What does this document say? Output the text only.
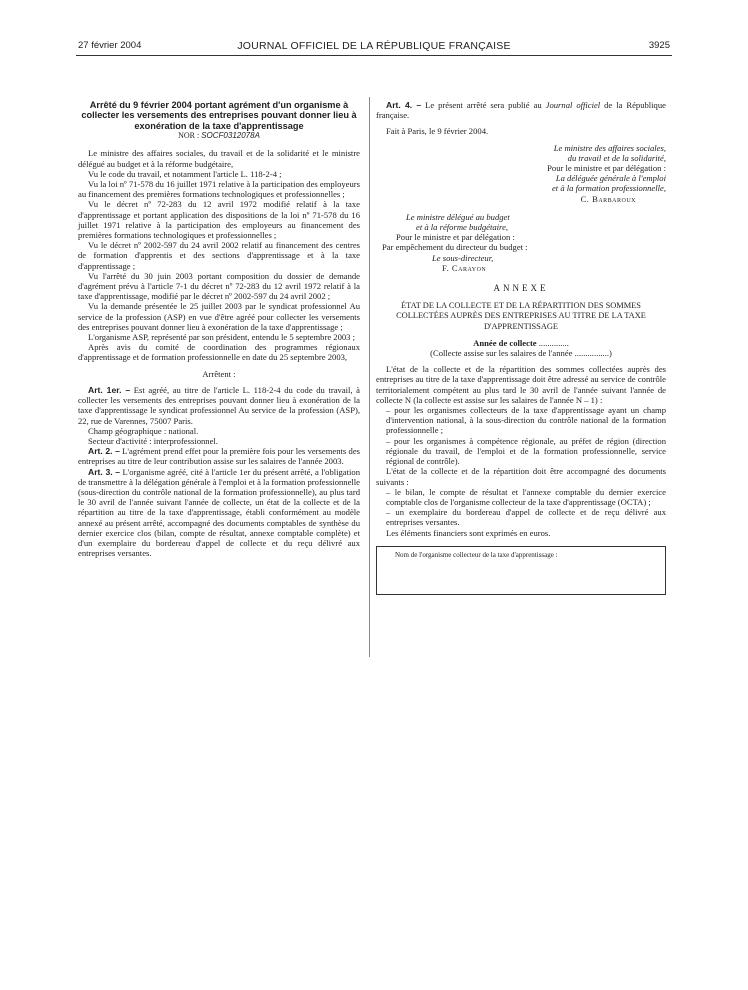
27 février 2004	JOURNAL OFFICIEL DE LA RÉPUBLIQUE FRANÇAISE	3925

Arrêté du 9 février 2004 portant agrément d'un organisme à collecter les versements des entreprises pouvant donner lieu à exonération de la taxe d'apprentissage

NOR : SOCF0312078A

Le ministre des affaires sociales, du travail et de la solidarité et le ministre délégué au budget et à la réforme budgétaire,

Vu le code du travail, et notamment l'article L. 118-2-4 ;

Vu la loi nº 71-578 du 16 juillet 1971 relative à la participation des employeurs au financement des premières formations technologiques et professionnelles ;

Vu le décret nº 72-283 du 12 avril 1972 modifié relatif à la taxe d'apprentissage et portant application des dispositions de la loi nº 71-578 du 16 juillet 1971 relative à la participation des employeurs au financement des premières formations technologiques et professionnelles ;

Vu le décret nº 2002-597 du 24 avril 2002 relatif au financement des centres de formation d'apprentis et des sections d'apprentissage et à la taxe d'apprentissage ;

Vu l'arrêté du 30 juin 2003 portant composition du dossier de demande d'agrément prévu à l'article 7-1 du décret nº 72-283 du 12 avril 1972 relatif à la taxe d'apprentissage, modifié par le décret nº 2002-597 du 24 avril 2002 ;

Vu la demande présentée le 25 juillet 2003 par le syndicat professionnel Au service de la profession (ASP) en vue d'être agréé pour collecter les versements des entreprises pouvant donner lieu à exonération de la taxe d'apprentissage ;

L'organisme ASP, représenté par son président, entendu le 5 septembre 2003 ;

Après avis du comité de coordination des programmes régionaux d'apprentissage et de formation professionnelle en date du 25 septembre 2003,

Arrêtent :

Art. 1er. – Est agréé, au titre de l'article L. 118-2-4 du code du travail, à collecter les versements des entreprises pouvant donner lieu à exonération de la taxe d'apprentissage le syndicat professionnel Au service de la profession (ASP), 22, rue de Varennes, 75007 Paris.

Champ géographique : national.

Secteur d'activité : interprofessionnel.

Art. 2. – L'agrément prend effet pour la première fois pour les versements des entreprises au titre de leur contribution assise sur les salaires de l'année 2003.

Art. 3. – L'organisme agréé, cité à l'article 1er du présent arrêté, a l'obligation de transmettre à la délégation générale à l'emploi et à la formation professionnelle (sous-direction du contrôle national de la formation professionnelle), au plus tard le 30 avril de l'année suivant l'année de collecte, un état de la collecte et de la répartition au titre de la taxe d'apprentissage, établi conformément au modèle annexé au présent arrêté, accompagné des documents comptables de synthèse du dernier exercice clos (bilan, compte de résultat, annexe comptable complète) et d'un exemplaire du bordereau d'appel de collecte et du reçu délivré aux entreprises versantes.

Art. 4. – Le présent arrêté sera publié au Journal officiel de la République française.

Fait à Paris, le 9 février 2004.

Le ministre des affaires sociales,

du travail et de la solidarité,

Pour le ministre et par délégation :

La déléguée générale à l'emploi

et à la formation professionnelle,

C. Barbaroux

Le ministre délégué au budget

et à la réforme budgétaire,

Pour le ministre et par délégation :

Par empêchement du directeur du budget :

Le sous-directeur,

F. Carayon

ANNEXE

ÉTAT DE LA COLLECTE ET DE LA RÉPARTITION DES SOMMES COLLECTÉES AUPRÈS DES ENTREPRISES AU TITRE DE LA TAXE D'APPRENTISSAGE

Année de collecte ..............

(Collecte assise sur les salaires de l'année ................)

L'état de la collecte et de la répartition des sommes collectées auprès des entreprises au titre de la taxe d'apprentissage doit être adressé au service de contrôle territorialement compétent au plus tard le 30 avril de l'année suivant l'année de collecte N (la collecte est assise sur les salaires de l'année N – 1) :

– pour les organismes collecteurs de la taxe d'apprentissage ayant un champ d'intervention national, à la sous-direction du contrôle national de la formation professionnelle ;

– pour les organismes à compétence régionale, au préfet de région (direction régionale du travail, de l'emploi et de la formation professionnelle, service régional de contrôle).

L'état de la collecte et de la répartition doit être accompagné des documents suivants :

– le bilan, le compte de résultat et l'annexe comptable du dernier exercice comptable clos de l'organisme collecteur de la taxe d'apprentissage (OCTA) ;

– un exemplaire du bordereau d'appel de collecte et de reçu délivré aux entreprises versantes.

Les éléments financiers sont exprimés en euros.

Nom de l'organisme collecteur de la taxe d'apprentissage :
